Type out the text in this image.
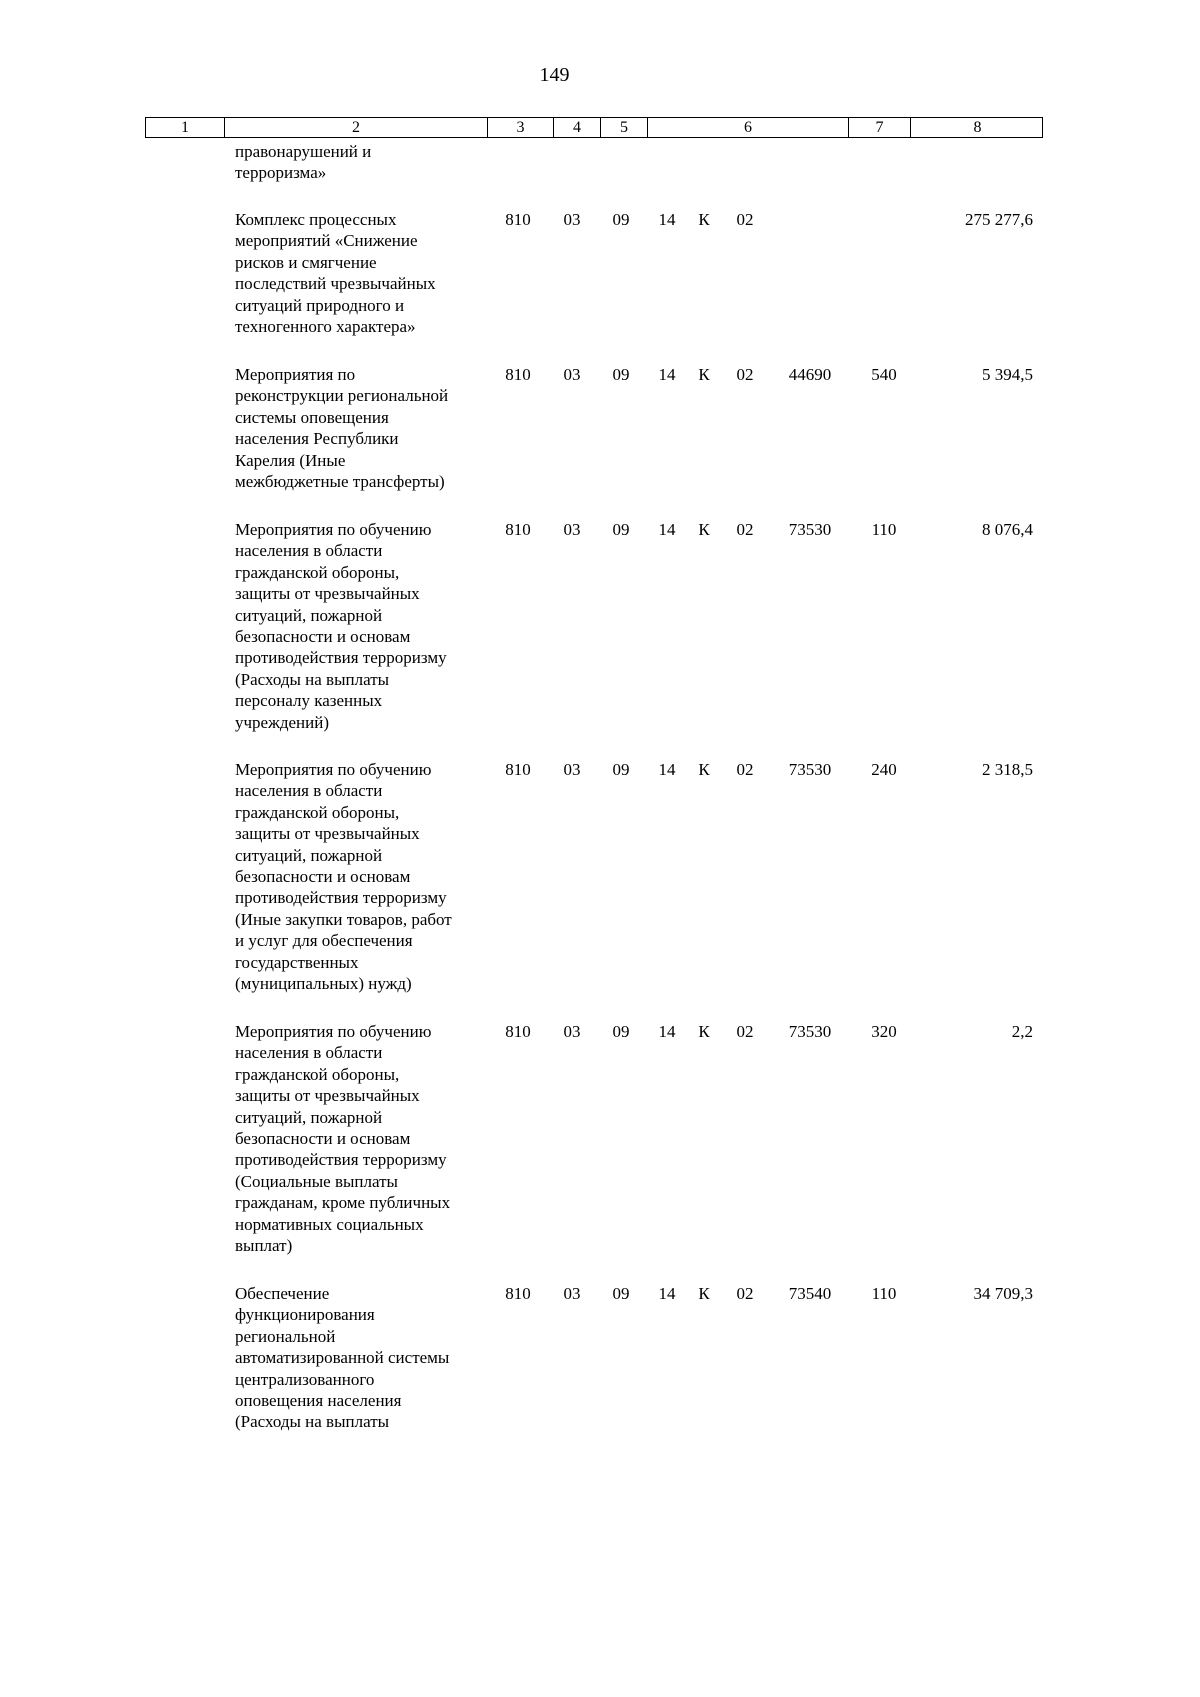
149
1	2	3	4	5	6	7	8
правонарушений и
терроризма»
Комплекс процессных
мероприятий «Снижение
рисков и смягчение
последствий чрезвычайных
ситуаций природного и
техногенного характера»
810 03 09 14 К 02	275 277,6
Мероприятия по
реконструкции региональной
системы оповещения
населения Республики
Карелия (Иные
межбюджетные трансферты)
810 03 09 14 К 02 44690 540	5 394,5
Мероприятия по обучению
населения в области
гражданской обороны,
защиты от чрезвычайных
ситуаций, пожарной
безопасности и основам
противодействия терроризму
(Расходы на выплаты
персоналу казенных
учреждений)
810 03 09 14 К 02 73530 110	8 076,4
Мероприятия по обучению
населения в области
гражданской обороны,
защиты от чрезвычайных
ситуаций, пожарной
безопасности и основам
противодействия терроризму
(Иные закупки товаров, работ
и услуг для обеспечения
государственных
(муниципальных) нужд)
810 03 09 14 К 02 73530 240	2 318,5
Мероприятия по обучению
населения в области
гражданской обороны,
защиты от чрезвычайных
ситуаций, пожарной
безопасности и основам
противодействия терроризму
(Социальные выплаты
гражданам, кроме публичных
нормативных социальных
выплат)
810 03 09 14 К 02 73530 320	2,2
Обеспечение
функционирования
региональной
автоматизированной системы
централизованного
оповещения населения
(Расходы на выплаты
810 03 09 14 К 02 73540 110	34 709,3
